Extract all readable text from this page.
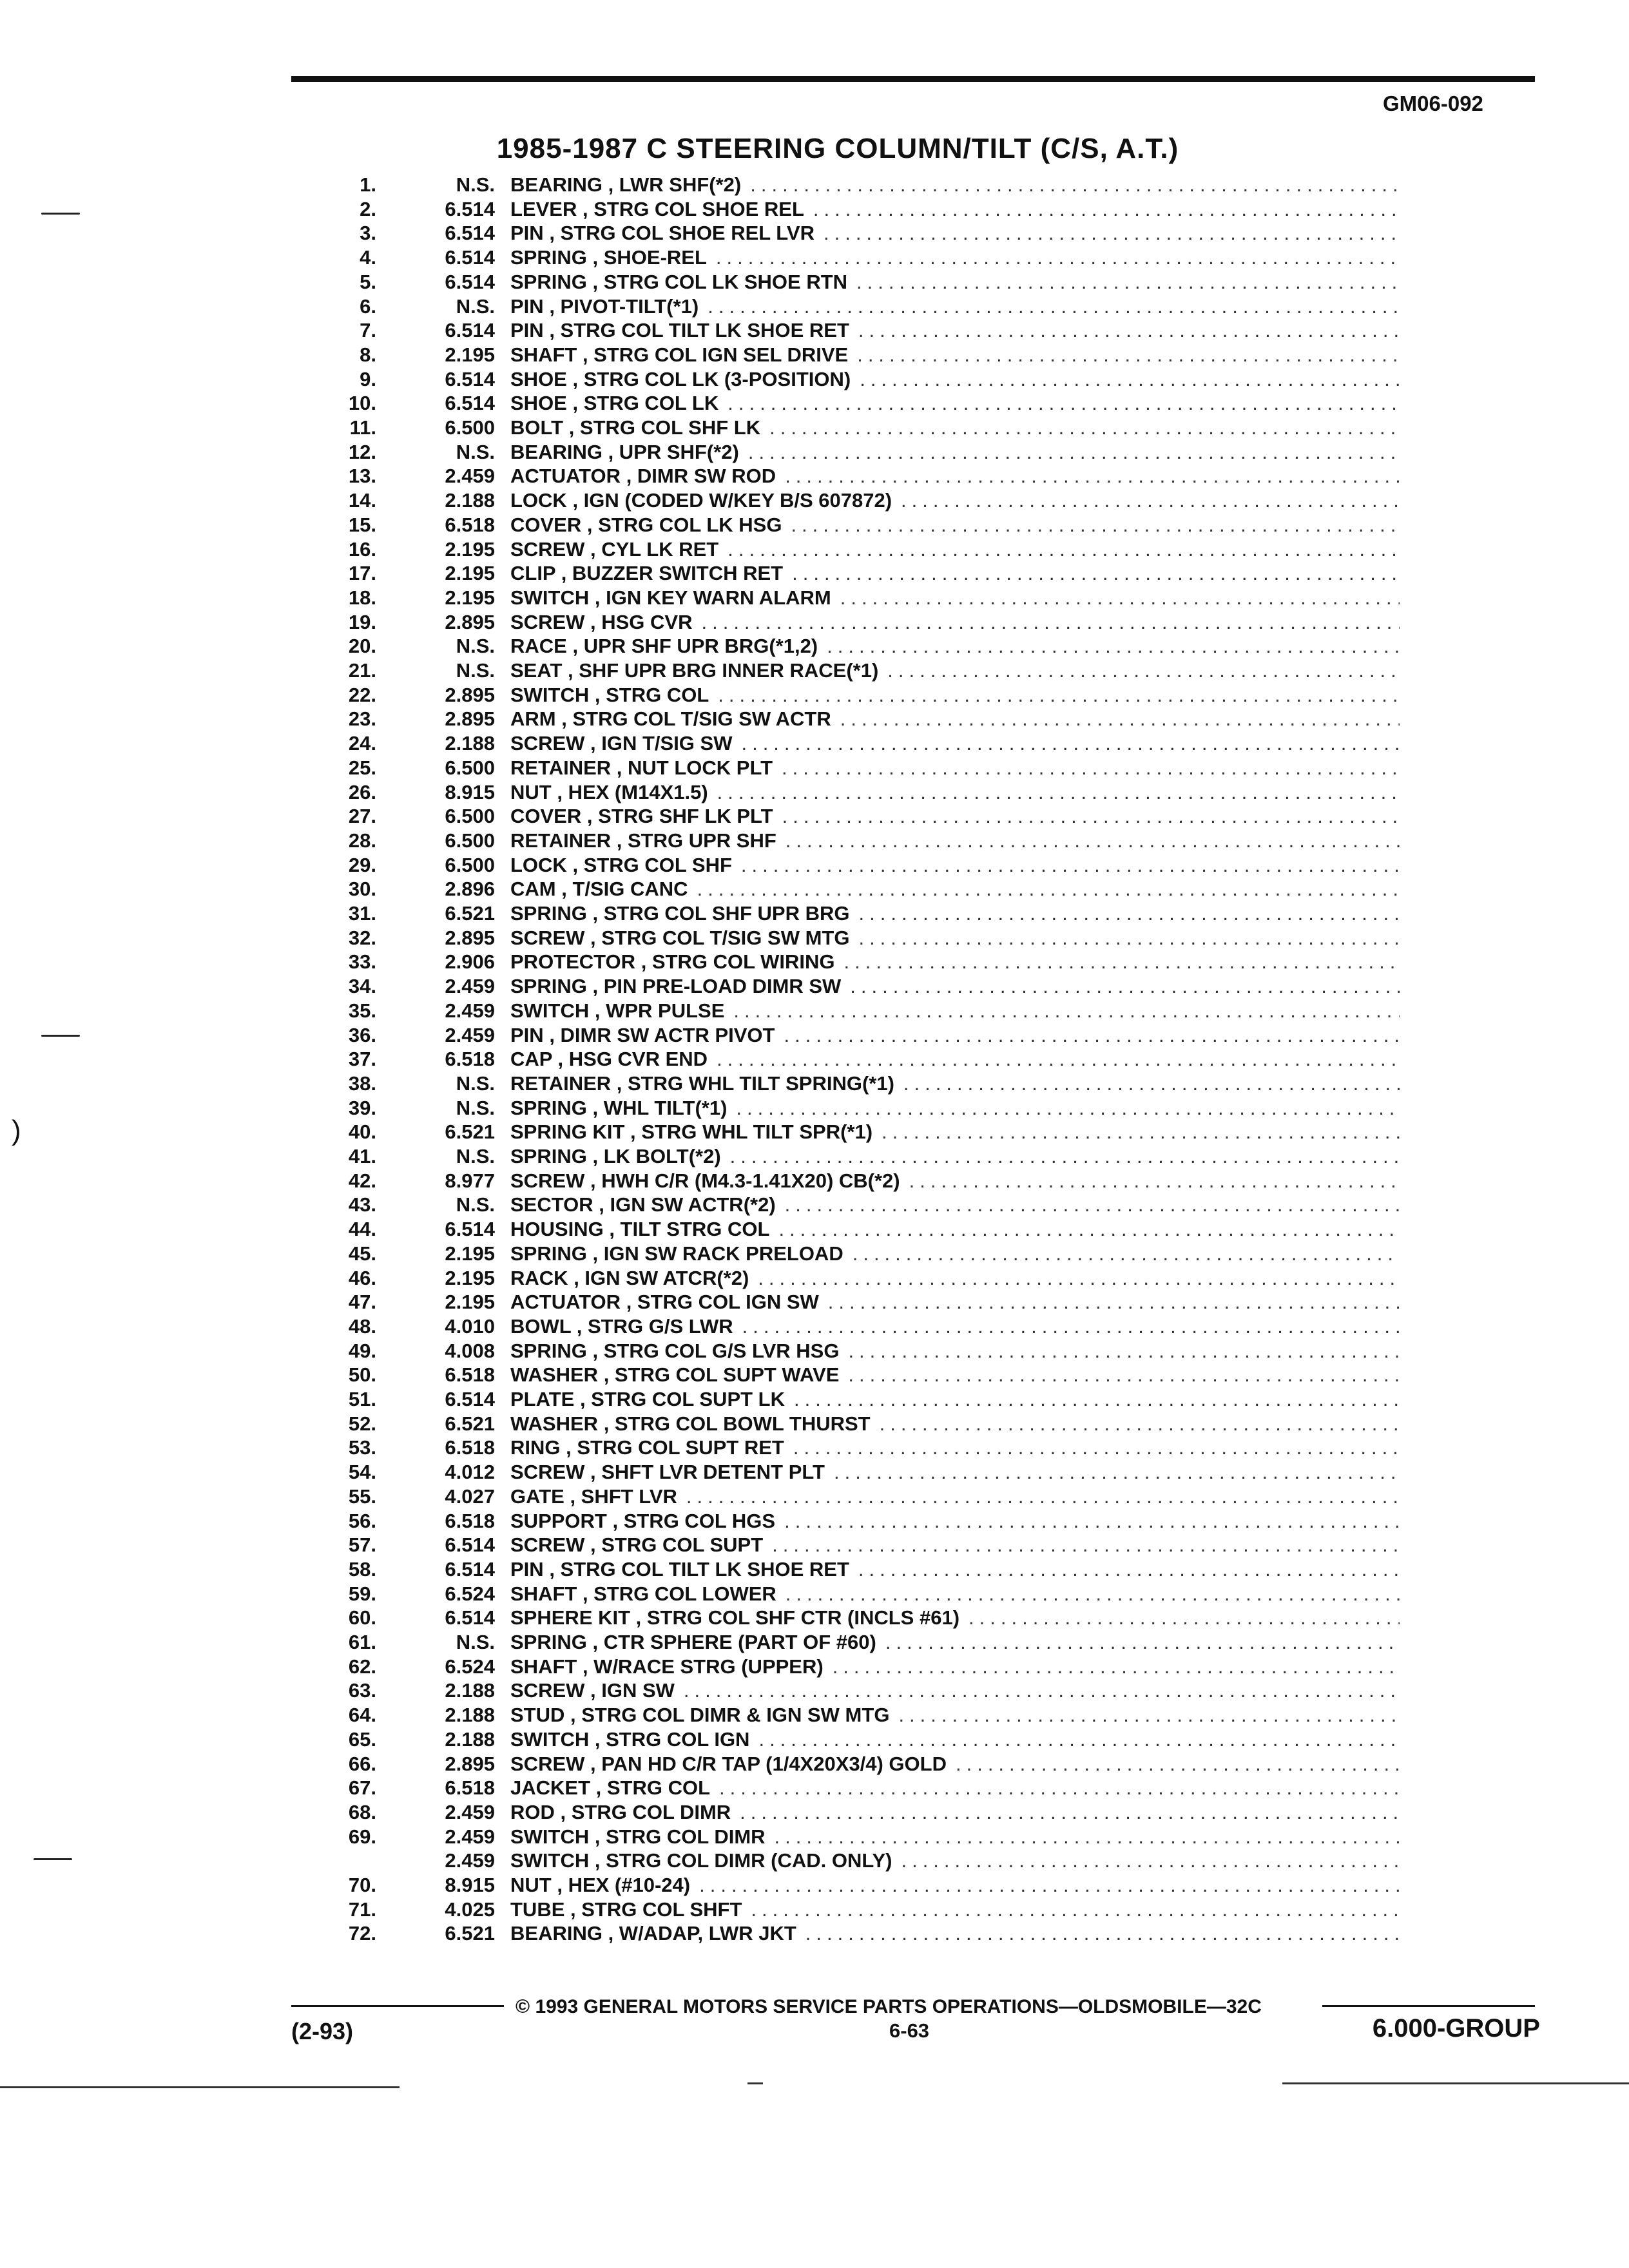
GM06-092
1985-1987 C STEERING COLUMN/TILT (C/S, A.T.)
)
1.	N.S. BEARING , LWR SHF(*2)
.....
2.	6.514 LEVER , STRG COL SHOE REL
.....
3.	6.514 PIN , STRG COL SHOE REL LVR
.....
4.	6.514 SPRING , SHOE-REL
.....
5.	6.514 SPRING , STRG COL LK SHOE RTN
.....
6.	N.S. PIN , PIVOT-TILT(*1)
.....
7.	6.514 PIN , STRG COL TILT LK SHOE RET
.....
8.	2.195 SHAFT , STRG COL IGN SEL DRIVE
.....
9.	6.514 SHOE , STRG COL LK (3-POSITION)
.....
10.	6.514 SHOE , STRG COL LK
.....
11.	6.500 BOLT , STRG COL SHF LK
.....
12.	N.S. BEARING , UPR SHF(*2)
.....
13.	2.459 ACTUATOR , DIMR SW ROD
.....
14.	2.188 LOCK , IGN (CODED W/KEY B/S 607872)
.....
15.	6.518 COVER , STRG COL LK HSG
.....
16.	2.195 SCREW , CYL LK RET
.....
17.	2.195 CLIP , BUZZER SWITCH RET
.....
18.	2.195 SWITCH , IGN KEY WARN ALARM
.....
19.	2.895 SCREW , HSG CVR
.....
20.	N.S. RACE , UPR SHF UPR BRG(*1,2)
.....
21.	N.S. SEAT , SHF UPR BRG INNER RACE(*1)
.....
22.	2.895 SWITCH , STRG COL
.....
23.	2.895 ARM , STRG COL T/SIG SW ACTR
.....
24.	2.188 SCREW , IGN T/SIG SW
.....
25.	6.500 RETAINER , NUT LOCK PLT
.....
26.	8.915 NUT , HEX (M14X1.5)
.....
27.	6.500 COVER , STRG SHF LK PLT
.....
28.	6.500 RETAINER , STRG UPR SHF
.....
29.	6.500 LOCK , STRG COL SHF
.....
30.	2.896 CAM , T/SIG CANC
.....
31.	6.521 SPRING , STRG COL SHF UPR BRG
.....
32.	2.895 SCREW , STRG COL T/SIG SW MTG
.....
33.	2.906 PROTECTOR , STRG COL WIRING
.....
34.	2.459 SPRING , PIN PRE-LOAD DIMR SW
.....
35.	2.459 SWITCH , WPR PULSE
.....
36.	2.459 PIN , DIMR SW ACTR PIVOT
.....
37.	6.518 CAP , HSG CVR END
.....
38.	N.S. RETAINER , STRG WHL TILT SPRING(*1)
.....
39.	N.S. SPRING , WHL TILT(*1)
.....
40.	6.521 SPRING KIT , STRG WHL TILT SPR(*1)
.....
41.	N.S. SPRING , LK BOLT(*2)
.....
42.	8.977 SCREW , HWH C/R (M4.3-1.41X20) CB(*2)
.....
43.	N.S. SECTOR , IGN SW ACTR(*2)
.....
44.	6.514 HOUSING , TILT STRG COL
.....
45.	2.195 SPRING , IGN SW RACK PRELOAD
.....
46.	2.195 RACK , IGN SW ATCR(*2)
.....
47.	2.195 ACTUATOR , STRG COL IGN SW
.....
48.	4.010 BOWL , STRG G/S LWR
.....
49.	4.008 SPRING , STRG COL G/S LVR HSG
.....
50.	6.518 WASHER , STRG COL SUPT WAVE
.....
51.	6.514 PLATE , STRG COL SUPT LK
.....
52.	6.521 WASHER , STRG COL BOWL THURST
.....
53.	6.518 RING , STRG COL SUPT RET
.....
54.	4.012 SCREW , SHFT LVR DETENT PLT
.....
55.	4.027 GATE , SHFT LVR
.....
56.	6.518 SUPPORT , STRG COL HGS
.....
57.	6.514 SCREW , STRG COL SUPT
.....
58.	6.514 PIN , STRG COL TILT LK SHOE RET
.....
59.	6.524 SHAFT , STRG COL LOWER
.....
60.	6.514 SPHERE KIT , STRG COL SHF CTR (INCLS #61)
.....
61.	N.S. SPRING , CTR SPHERE (PART OF #60)
.....
62.	6.524 SHAFT , W/RACE STRG (UPPER)
.....
63.	2.188 SCREW , IGN SW
.....
64.	2.188 STUD , STRG COL DIMR & IGN SW MTG
.....
65.	2.188 SWITCH , STRG COL IGN
.....
66.	2.895 SCREW , PAN HD C/R TAP (1/4X20X3/4) GOLD
.....
67.	6.518 JACKET , STRG COL
.....
68.	2.459 ROD , STRG COL DIMR
.....
69.	2.459 SWITCH , STRG COL DIMR
.....
2.459 SWITCH , STRG COL DIMR (CAD. ONLY)
.....
70.	8.915 NUT , HEX (#10-24)
.....
71.	4.025 TUBE , STRG COL SHFT
.....
72.	6.521 BEARING , W/ADAP, LWR JKT
.....
© 1993 GENERAL MOTORS SERVICE PARTS OPERATIONS—OLDSMOBILE—32C
(2-93)	6-63	6.000-GROUP
